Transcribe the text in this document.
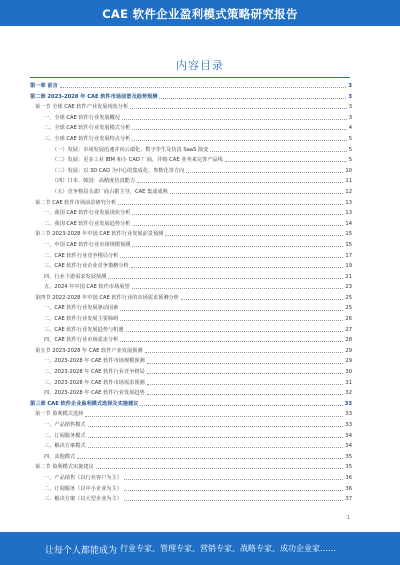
CAE 软件企业盈利模式策略研究报告
内容目录
第一章 前言	3
第二章 2023-2028 年 CAE 软件市场前景及趋势预测	3
第一节 全球 CAE 软件产业发展现状分析	3
一、全球 CAE 软件行业发展概况	3
二、全球 CAE 软件行业发展模式分析	4
三、全球 CAE 软件行业发展特点分析	5
（一）发展：市场发展迅速并向云端化、数字孪生及仿真 SaaS 演变	5
（二）发展：更多工业 IBM 和小 CAD 厂商，并购 CAE 业务来完善产品线	5
（三）发展：以 3D CAD 为中心的集成化、参数化等方向	10
（四）日本、韩国：高精度仿真能力	11
（五）竞争格局头部厂商占据主导，CAE 集成成熟	12
第二节 CAE 软件市场前景研究分析	13
一、我国 CAE 软件行业发展现状分析	13
二、我国 CAE 软件行业发展趋势分析	14
第三节 2023-2028 年中国 CAE 软件行业发展前景预测	15
一、中国 CAE 软件行业市场规模预测	15
二、CAE 软件行业竞争格局分析	17
三、CAE 软件行业企业竞争策略分析	19
四、行业下游需求发展预测	21
五、2024 年中国 CAE 软件市场展望	23
第四节 2022-2028 年中国 CAE 软件行业的市场需求预测分析	25
一、CAE 软件行业发展驱动因素	25
二、CAE 软件行业发展主要障碍	26
三、CAE 软件行业发展趋势与机遇	27
四、CAE 软件行业市场需求分析	28
第五节 2023-2028 年 CAE 软件产业发展预测	29
一、2023-2028 年 CAE 软件市场规模预测	29
二、2023-2028 年 CAE 软件行业竞争格局	30
三、2023-2028 年 CAE 软件市场需求预测	31
四、2023-2028 年 CAE 软件行业发展趋势	32
第三章 CAE 软件企业盈利模式选择及实施建议	33
第一节 盈利模式选择	33
一、产品销售模式	33
二、订阅服务模式	34
三、解决方案模式	34
四、其他模式	35
第二节 盈利模式实施建议	35
一、产品销售（以行业客户为主）	36
二、订阅服务（以中小企业为主）	36
三、解决方案（以大型企业为主）	37
1
让每个人都能成为 行业专家、管理专家、营销专家、战略专家、成功企业家……
